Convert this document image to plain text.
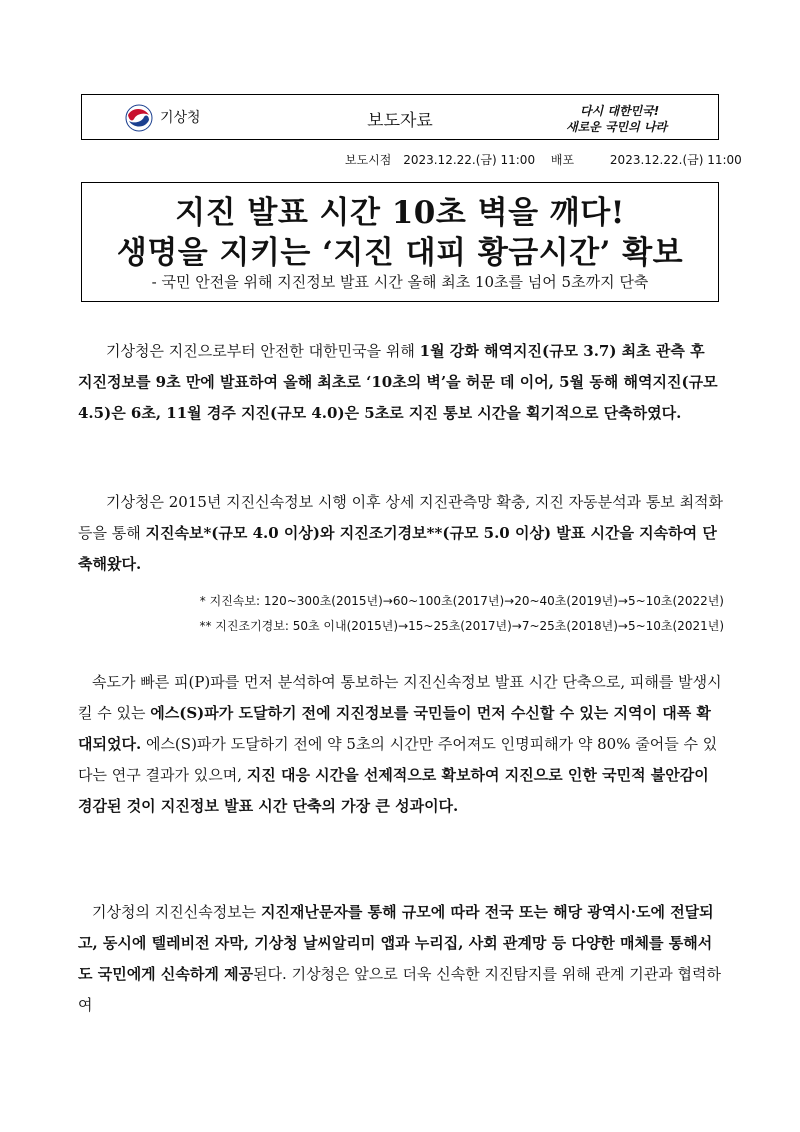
기상청	보도자료	다시 대한민국!
새로운 국민의 나라
보도시점 2023.12.22.(금) 11:00 배포	2023.12.22.(금) 11:00
지진 발표 시간 10초 벽을 깨다!
생명을 지키는 ‘지진 대피 황금시간’ 확보
- 국민 안전을 위해 지진정보 발표 시간 올해 최초 10초를 넘어 5초까지 단축
기상청은 지진으로부터 안전한 대한민국을 위해 1월 강화 해역지진(규모 3.7) 최초 관측 후 지진정보를 9초 만에 발표하여 올해 최초로 ‘10초의 벽’을 허문 데 이어, 5월 동해 해역지진(규모 4.5)은 6초, 11월 경주 지진(규모 4.0)은 5초로 지진 통보 시간을 획기적으로 단축하였다.
기상청은 2015년 지진신속정보 시행 이후 상세 지진관측망 확충, 지진 자동분석과 통보 최적화 등을 통해 지진속보*(규모 4.0 이상)와 지진조기경보**(규모 5.0 이상) 발표 시간을 지속하여 단축해왔다.
* 지진속보: 120~300초(2015년)→60~100초(2017년)→20~40초(2019년)→5~10초(2022년)
** 지진조기경보: 50초 이내(2015년)→15~25초(2017년)→7~25초(2018년)→5~10초(2021년)
속도가 빠른 피(P)파를 먼저 분석하여 통보하는 지진신속정보 발표 시간 단축으로, 피해를 발생시킬 수 있는 에스(S)파가 도달하기 전에 지진정보를 국민들이 먼저 수신할 수 있는 지역이 대폭 확대되었다. 에스(S)파가 도달하기 전에 약 5초의 시간만 주어져도 인명피해가 약 80% 줄어들 수 있다는 연구 결과가 있으며, 지진 대응 시간을 선제적으로 확보하여 지진으로 인한 국민적 불안감이 경감된 것이 지진정보 발표 시간 단축의 가장 큰 성과이다.
기상청의 지진신속정보는 지진재난문자를 통해 규모에 따라 전국 또는 해당 광역시·도에 전달되고, 동시에 텔레비전 자막, 기상청 날씨알리미 앱과 누리집, 사회 관계망 등 다양한 매체를 통해서도 국민에게 신속하게 제공된다. 기상청은 앞으로 더욱 신속한 지진탐지를 위해 관계 기관과 협력하여
